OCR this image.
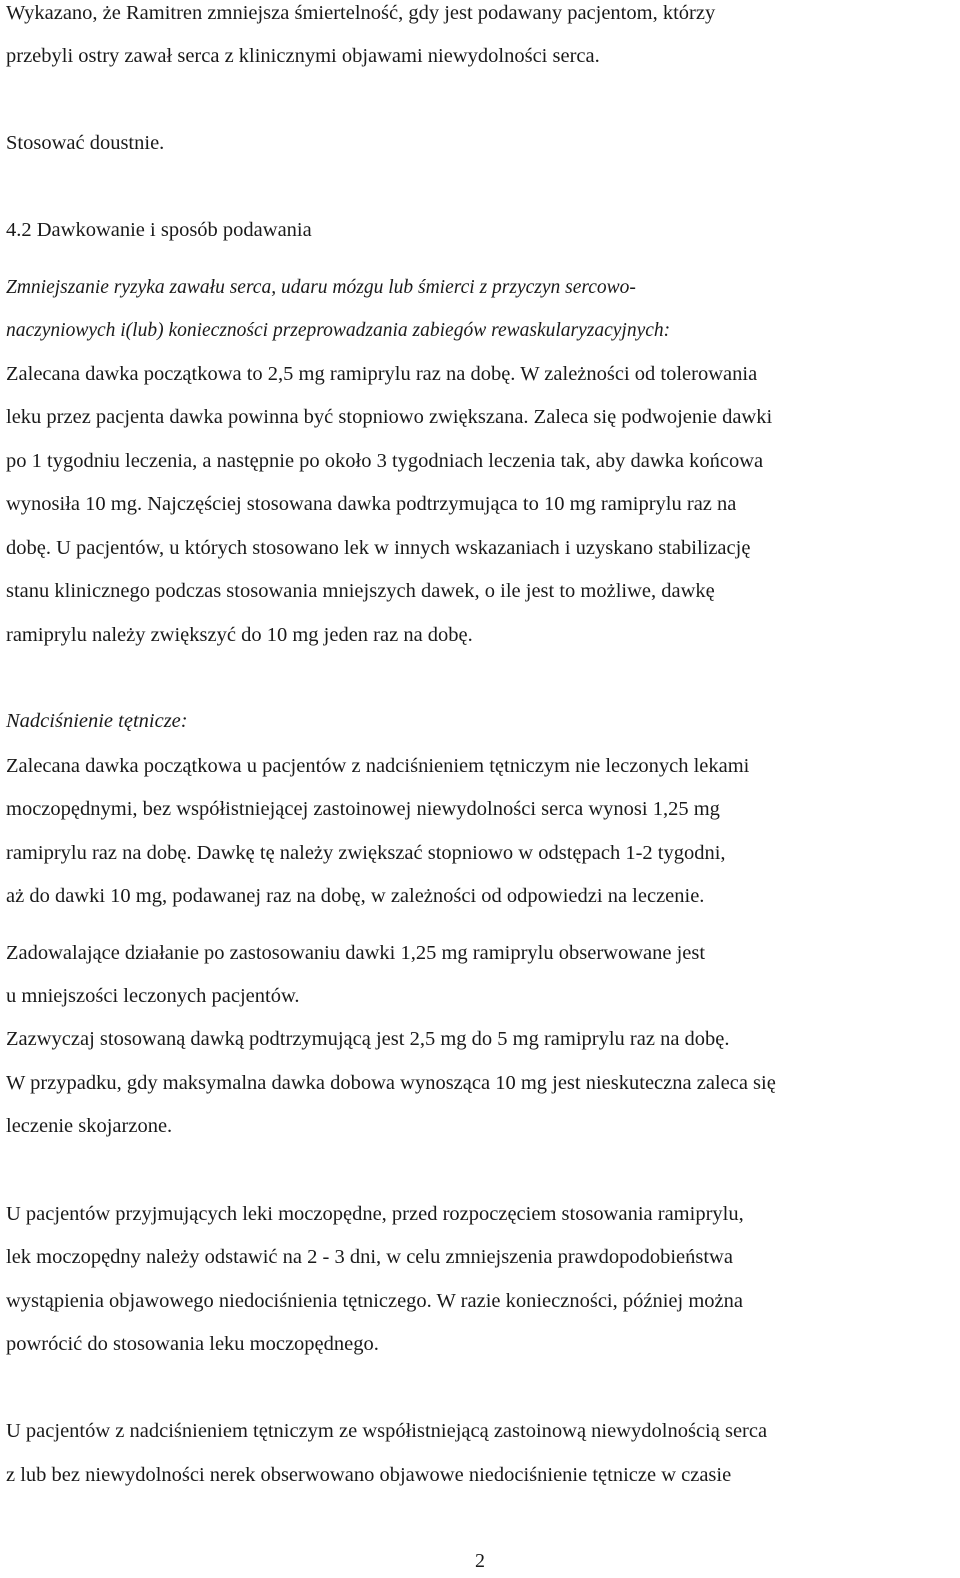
Wykazano, że Ramitren zmniejsza śmiertelność, gdy jest podawany pacjentom, którzy
przebyli ostry zawał serca z klinicznymi objawami niewydolności serca.
Stosować doustnie.
4.2 Dawkowanie i sposób podawania
Zmniejszanie ryzyka zawału serca, udaru mózgu lub śmierci z przyczyn sercowo-
naczyniowych i(lub) konieczności przeprowadzania zabiegów rewaskularyzacyjnych:
Zalecana dawka początkowa to 2,5 mg ramiprylu raz na dobę. W zależności od tolerowania
leku przez pacjenta dawka powinna być stopniowo zwiększana. Zaleca się podwojenie dawki
po 1 tygodniu leczenia, a następnie po około 3 tygodniach leczenia tak, aby dawka końcowa
wynosiła 10 mg. Najczęściej stosowana dawka podtrzymująca to 10 mg ramiprylu raz na
dobę. U pacjentów, u których stosowano lek w innych wskazaniach i uzyskano stabilizację
stanu klinicznego podczas stosowania mniejszych dawek, o ile jest to możliwe, dawkę
ramiprylu należy zwiększyć do 10 mg jeden raz na dobę.
Nadciśnienie tętnicze:
Zalecana dawka początkowa u pacjentów z nadciśnieniem tętniczym nie leczonych lekami
moczopędnymi, bez współistniejącej zastoinowej niewydolności serca wynosi 1,25 mg
ramiprylu raz na dobę. Dawkę tę należy zwiększać stopniowo w odstępach 1-2 tygodni,
aż do dawki 10 mg, podawanej raz na dobę, w zależności od odpowiedzi na leczenie.
Zadowalające działanie po zastosowaniu dawki 1,25 mg ramiprylu obserwowane jest
u mniejszości leczonych pacjentów.
Zazwyczaj stosowaną dawką podtrzymującą jest 2,5 mg do 5 mg ramiprylu raz na dobę.
W przypadku, gdy maksymalna dawka dobowa wynosząca 10 mg jest nieskuteczna zaleca się
leczenie skojarzone.
U pacjentów przyjmujących leki moczopędne, przed rozpoczęciem stosowania ramiprylu,
lek moczopędny należy odstawić na 2 - 3 dni, w celu zmniejszenia prawdopodobieństwa
wystąpienia objawowego niedociśnienia tętniczego. W razie konieczności, później można
powrócić do stosowania leku moczopędnego.
U pacjentów z nadciśnieniem tętniczym ze współistniejącą zastoinową niewydolnością serca
z lub bez niewydolności nerek obserwowano objawowe niedociśnienie tętnicze w czasie
2
